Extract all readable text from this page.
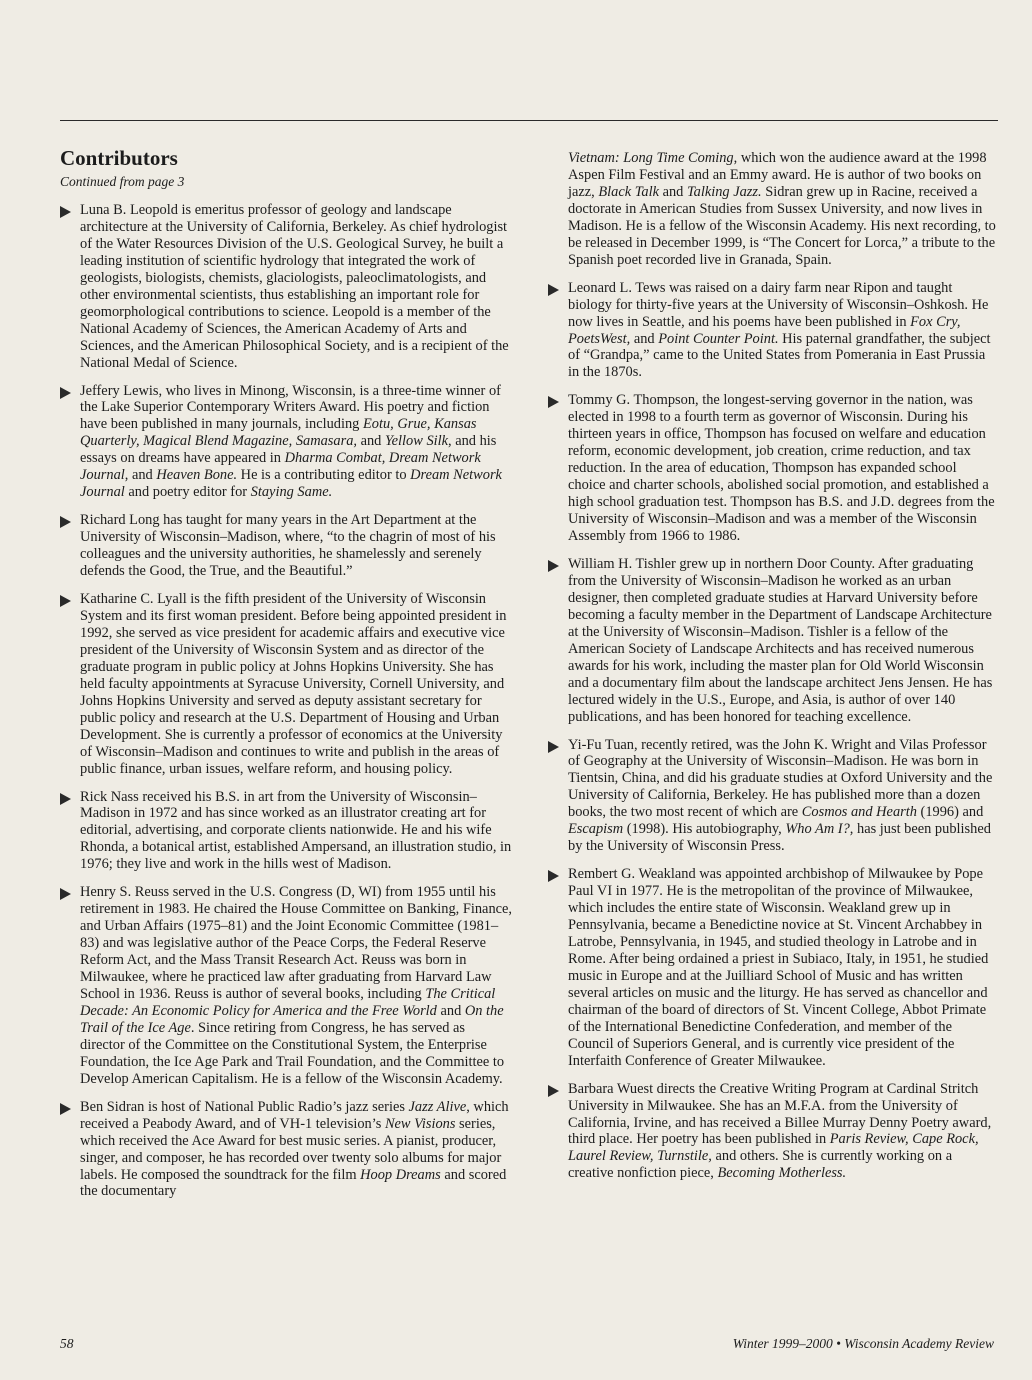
Contributors
Continued from page 3
Luna B. Leopold is emeritus professor of geology and landscape architecture at the University of California, Berkeley. As chief hydrologist of the Water Resources Division of the U.S. Geological Survey, he built a leading institution of scientific hydrology that integrated the work of geologists, biologists, chemists, glaciologists, paleoclimatologists, and other environmental scientists, thus establishing an important role for geomorphological contributions to science. Leopold is a member of the National Academy of Sciences, the American Academy of Arts and Sciences, and the American Philosophical Society, and is a recipient of the National Medal of Science.
Jeffery Lewis, who lives in Minong, Wisconsin, is a three-time winner of the Lake Superior Contemporary Writers Award. His poetry and fiction have been published in many journals, including Eotu, Grue, Kansas Quarterly, Magical Blend Magazine, Samasara, and Yellow Silk, and his essays on dreams have appeared in Dharma Combat, Dream Network Journal, and Heaven Bone. He is a contributing editor to Dream Network Journal and poetry editor for Staying Same.
Richard Long has taught for many years in the Art Department at the University of Wisconsin–Madison, where, “to the chagrin of most of his colleagues and the university authorities, he shamelessly and serenely defends the Good, the True, and the Beautiful.”
Katharine C. Lyall is the fifth president of the University of Wisconsin System and its first woman president. Before being appointed president in 1992, she served as vice president for academic affairs and executive vice president of the University of Wisconsin System and as director of the graduate program in public policy at Johns Hopkins University. She has held faculty appointments at Syracuse University, Cornell University, and Johns Hopkins University and served as deputy assistant secretary for public policy and research at the U.S. Department of Housing and Urban Development. She is currently a professor of economics at the University of Wisconsin–Madison and continues to write and publish in the areas of public finance, urban issues, welfare reform, and housing policy.
Rick Nass received his B.S. in art from the University of Wisconsin–Madison in 1972 and has since worked as an illustrator creating art for editorial, advertising, and corporate clients nationwide. He and his wife Rhonda, a botanical artist, established Ampersand, an illustration studio, in 1976; they live and work in the hills west of Madison.
Henry S. Reuss served in the U.S. Congress (D, WI) from 1955 until his retirement in 1983. He chaired the House Committee on Banking, Finance, and Urban Affairs (1975–81) and the Joint Economic Committee (1981–83) and was legislative author of the Peace Corps, the Federal Reserve Reform Act, and the Mass Transit Research Act. Reuss was born in Milwaukee, where he practiced law after graduating from Harvard Law School in 1936. Reuss is author of several books, including The Critical Decade: An Economic Policy for America and the Free World and On the Trail of the Ice Age. Since retiring from Congress, he has served as director of the Committee on the Constitutional System, the Enterprise Foundation, the Ice Age Park and Trail Foundation, and the Committee to Develop American Capitalism. He is a fellow of the Wisconsin Academy.
Ben Sidran is host of National Public Radio’s jazz series Jazz Alive, which received a Peabody Award, and of VH-1 television’s New Visions series, which received the Ace Award for best music series. A pianist, producer, singer, and composer, he has recorded over twenty solo albums for major labels. He composed the soundtrack for the film Hoop Dreams and scored the documentary
Vietnam: Long Time Coming, which won the audience award at the 1998 Aspen Film Festival and an Emmy award. He is author of two books on jazz, Black Talk and Talking Jazz. Sidran grew up in Racine, received a doctorate in American Studies from Sussex University, and now lives in Madison. He is a fellow of the Wisconsin Academy. His next recording, to be released in December 1999, is “The Concert for Lorca,” a tribute to the Spanish poet recorded live in Granada, Spain.
Leonard L. Tews was raised on a dairy farm near Ripon and taught biology for thirty-five years at the University of Wisconsin–Oshkosh. He now lives in Seattle, and his poems have been published in Fox Cry, PoetsWest, and Point Counter Point. His paternal grandfather, the subject of “Grandpa,” came to the United States from Pomerania in East Prussia in the 1870s.
Tommy G. Thompson, the longest-serving governor in the nation, was elected in 1998 to a fourth term as governor of Wisconsin. During his thirteen years in office, Thompson has focused on welfare and education reform, economic development, job creation, crime reduction, and tax reduction. In the area of education, Thompson has expanded school choice and charter schools, abolished social promotion, and established a high school graduation test. Thompson has B.S. and J.D. degrees from the University of Wisconsin–Madison and was a member of the Wisconsin Assembly from 1966 to 1986.
William H. Tishler grew up in northern Door County. After graduating from the University of Wisconsin–Madison he worked as an urban designer, then completed graduate studies at Harvard University before becoming a faculty member in the Department of Landscape Architecture at the University of Wisconsin–Madison. Tishler is a fellow of the American Society of Landscape Architects and has received numerous awards for his work, including the master plan for Old World Wisconsin and a documentary film about the landscape architect Jens Jensen. He has lectured widely in the U.S., Europe, and Asia, is author of over 140 publications, and has been honored for teaching excellence.
Yi-Fu Tuan, recently retired, was the John K. Wright and Vilas Professor of Geography at the University of Wisconsin–Madison. He was born in Tientsin, China, and did his graduate studies at Oxford University and the University of California, Berkeley. He has published more than a dozen books, the two most recent of which are Cosmos and Hearth (1996) and Escapism (1998). His autobiography, Who Am I?, has just been published by the University of Wisconsin Press.
Rembert G. Weakland was appointed archbishop of Milwaukee by Pope Paul VI in 1977. He is the metropolitan of the province of Milwaukee, which includes the entire state of Wisconsin. Weakland grew up in Pennsylvania, became a Benedictine novice at St. Vincent Archabbey in Latrobe, Pennsylvania, in 1945, and studied theology in Latrobe and in Rome. After being ordained a priest in Subiaco, Italy, in 1951, he studied music in Europe and at the Juilliard School of Music and has written several articles on music and the liturgy. He has served as chancellor and chairman of the board of directors of St. Vincent College, Abbot Primate of the International Benedictine Confederation, and member of the Council of Superiors General, and is currently vice president of the Interfaith Conference of Greater Milwaukee.
Barbara Wuest directs the Creative Writing Program at Cardinal Stritch University in Milwaukee. She has an M.F.A. from the University of California, Irvine, and has received a Billee Murray Denny Poetry award, third place. Her poetry has been published in Paris Review, Cape Rock, Laurel Review, Turnstile, and others. She is currently working on a creative nonfiction piece, Becoming Motherless.
58	Winter 1999–2000 • Wisconsin Academy Review
